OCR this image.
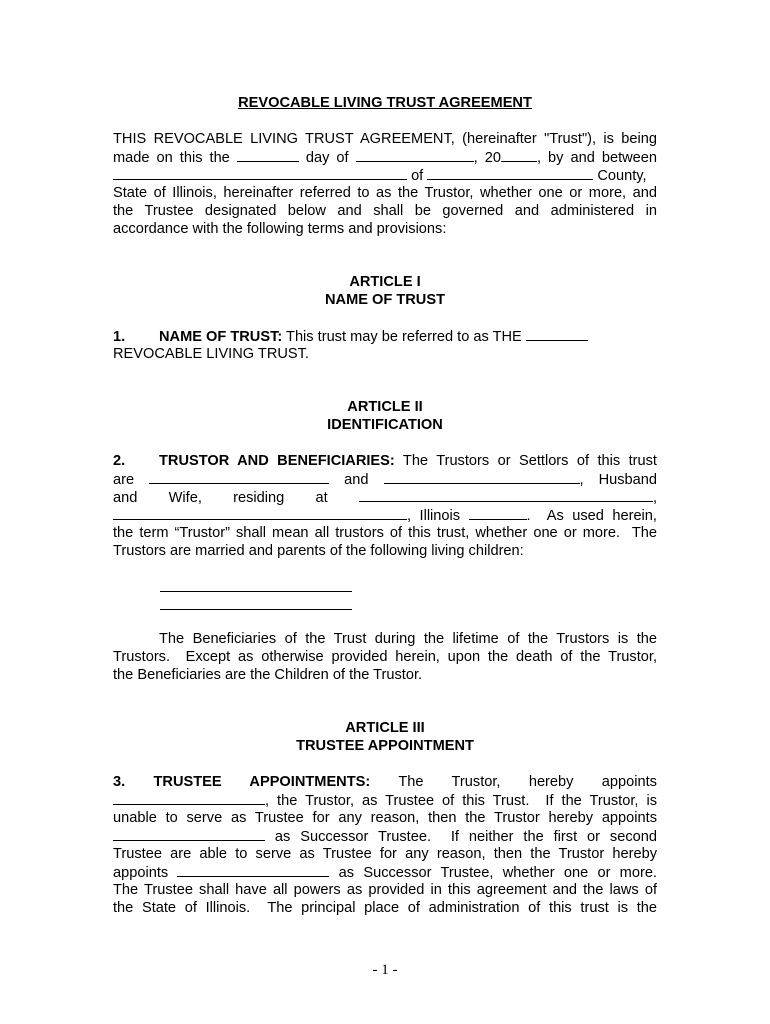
REVOCABLE LIVING TRUST AGREEMENT
THIS REVOCABLE LIVING TRUST AGREEMENT, (hereinafter "Trust"), is being
made on this the	day of	, 20 , by and between
of	County,
State of Illinois, hereinafter referred to as the Trustor, whether one or more, and
the Trustee designated below and shall be governed and administered in
accordance with the following terms and provisions:
ARTICLE I
NAME OF TRUST
1. NAME OF TRUST: This trust may be referred to as THE
REVOCABLE LIVING TRUST.
ARTICLE II
IDENTIFICATION
2. TRUSTOR AND BENEFICIARIES: The Trustors or Settlors of this trust
are	and	, Husband
and Wife, residing at	,
, Illinois	.  As used herein,
the term “Trustor” shall mean all trustors of this trust, whether one or more.  The
Trustors are married and parents of the following living children:
The Beneficiaries of the Trust during the lifetime of the Trustors is the
Trustors.  Except as otherwise provided herein, upon the death of the Trustor,
the Beneficiaries are the Children of the Trustor.
ARTICLE III
TRUSTEE APPOINTMENT
3. TRUSTEE APPOINTMENTS: The Trustor, hereby appoints
, the Trustor, as Trustee of this Trust.  If the Trustor, is
unable to serve as Trustee for any reason, then the Trustor hereby appoints
as Successor Trustee.  If neither the first or second
Trustee are able to serve as Trustee for any reason, then the Trustor hereby
appoints	as Successor Trustee, whether one or more.
The Trustee shall have all powers as provided in this agreement and the laws of
the State of Illinois.  The principal place of administration of this trust is the
- 1 -
